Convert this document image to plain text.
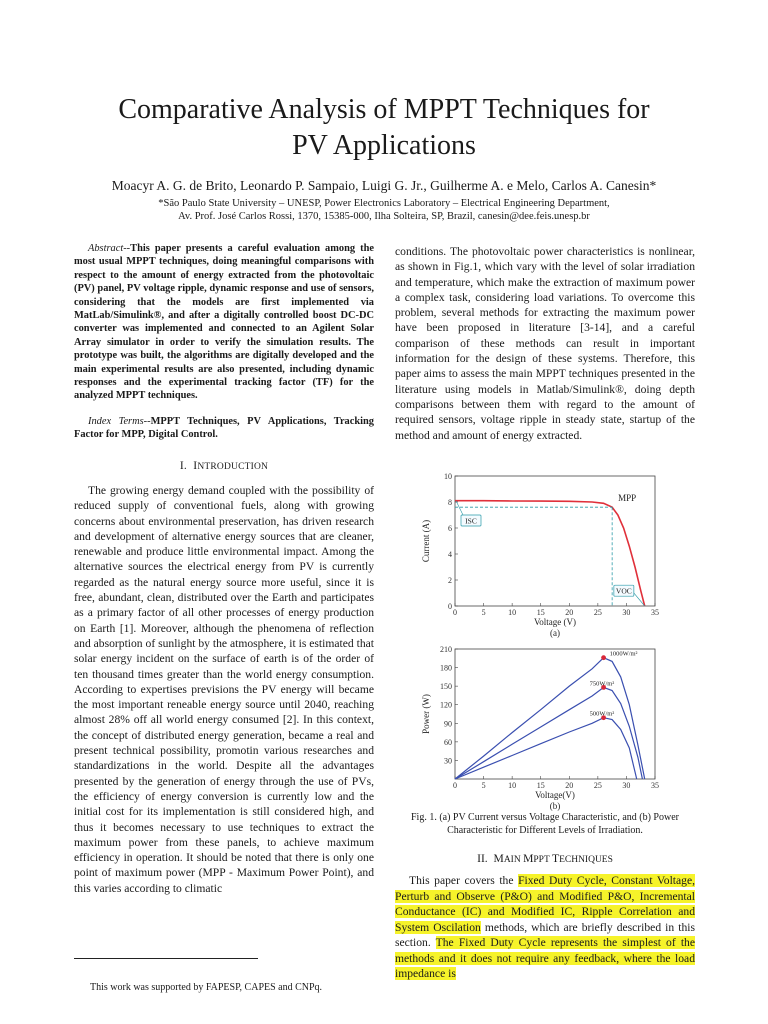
Comparative Analysis of MPPT Techniques for
PV Applications
Moacyr A. G. de Brito, Leonardo P. Sampaio, Luigi G. Jr., Guilherme A. e Melo, Carlos A. Canesin*
*São Paulo State University – UNESP, Power Electronics Laboratory – Electrical Engineering Department,
Av. Prof. José Carlos Rossi, 1370, 15385-000, Ilha Solteira, SP, Brazil, canesin@dee.feis.unesp.br

Abstract--This paper presents a careful evaluation among the most usual MPPT techniques, doing meaningful comparisons with respect to the amount of energy extracted from the photovoltaic (PV) panel, PV voltage ripple, dynamic response and use of sensors, considering that the models are first implemented via MatLab/Simulink®, and after a digitally controlled boost DC-DC converter was implemented and connected to an Agilent Solar Array simulator in order to verify the simulation results. The prototype was built, the algorithms are digitally developed and the main experimental results are also presented, including dynamic responses and the experimental tracking factor (TF) for the analyzed MPPT techniques.

Index Terms--MPPT Techniques, PV Applications, Tracking Factor for MPP, Digital Control.

I. INTRODUCTION

The growing energy demand coupled with the possibility of reduced supply of conventional fuels, along with growing concerns about environmental preservation, has driven research and development of alternative energy sources that are cleaner, renewable and produce little environmental impact. Among the alternative sources the electrical energy from PV is currently regarded as the natural energy source more useful, since it is free, abundant, clean, distributed over the Earth and participates as a primary factor of all other processes of energy production on Earth [1]. Moreover, although the phenomena of reflection and absorption of sunlight by the atmosphere, it is estimated that solar energy incident on the surface of earth is of the order of ten thousand times greater than the world energy consumption. According to expertises previsions the PV energy will became the most important reneable energy source until 2040, reaching almost 28% off all world energy consumed [2]. In this context, the concept of distributed energy generation, became a real and present technical possibility, promotin various researches and standardizations in the world. Despite all the advantages presented by the generation of energy through the use of PVs, the efficiency of energy conversion is currently low and the initial cost for its implementation is still considered high, and thus it becomes necessary to use techniques to extract the maximum power from these panels, to achieve maximum efficiency in operation. It should be noted that there is only one point of maximum power (MPP - Maximum Power Point), and this varies according to climatic

conditions. The photovoltaic power characteristics is nonlinear, as shown in Fig.1, which vary with the level of solar irradiation and temperature, which make the extraction of maximum power a complex task, considering load variations. To overcome this problem, several methods for extracting the maximum power have been proposed in literature [3-14], and a careful comparison of these methods can result in important information for the design of these systems. Therefore, this paper aims to assess the main MPPT techniques presented in the literature using models in Matlab/Simulink®, doing depth comparisons between them with regard to the amount of required sensors, voltage ripple in steady state, startup of the method and amount of energy extracted.

0	5	10	15	20	25	30	35
0
2
4
6
8
10
Voltage (V)
Current (A)
(a)
MPP
ISC
VOC

0	5	10	15	20	25	30	35
30
60
90
120
150
180
210
Voltage(V)
Power (W)
(b)
1000W/m²
750W/m²
500W/m²
Fig. 1. (a) PV Current versus Voltage Characteristic, and (b) Power
Characteristic for Different Levels of Irradiation.
II. MAIN MPPT TECHNIQUES
This paper covers the Fixed Duty Cycle, Constant Voltage, Perturb and Observe (P&O) and Modified P&O, Incremental Conductance (IC) and Modified IC, Ripple Correlation and System Oscilation methods, which are briefly described in this section. The Fixed Duty Cycle represents the simplest of the methods and it does not require any feedback, where the load impedance is
This work was supported by FAPESP, CAPES and CNPq.
